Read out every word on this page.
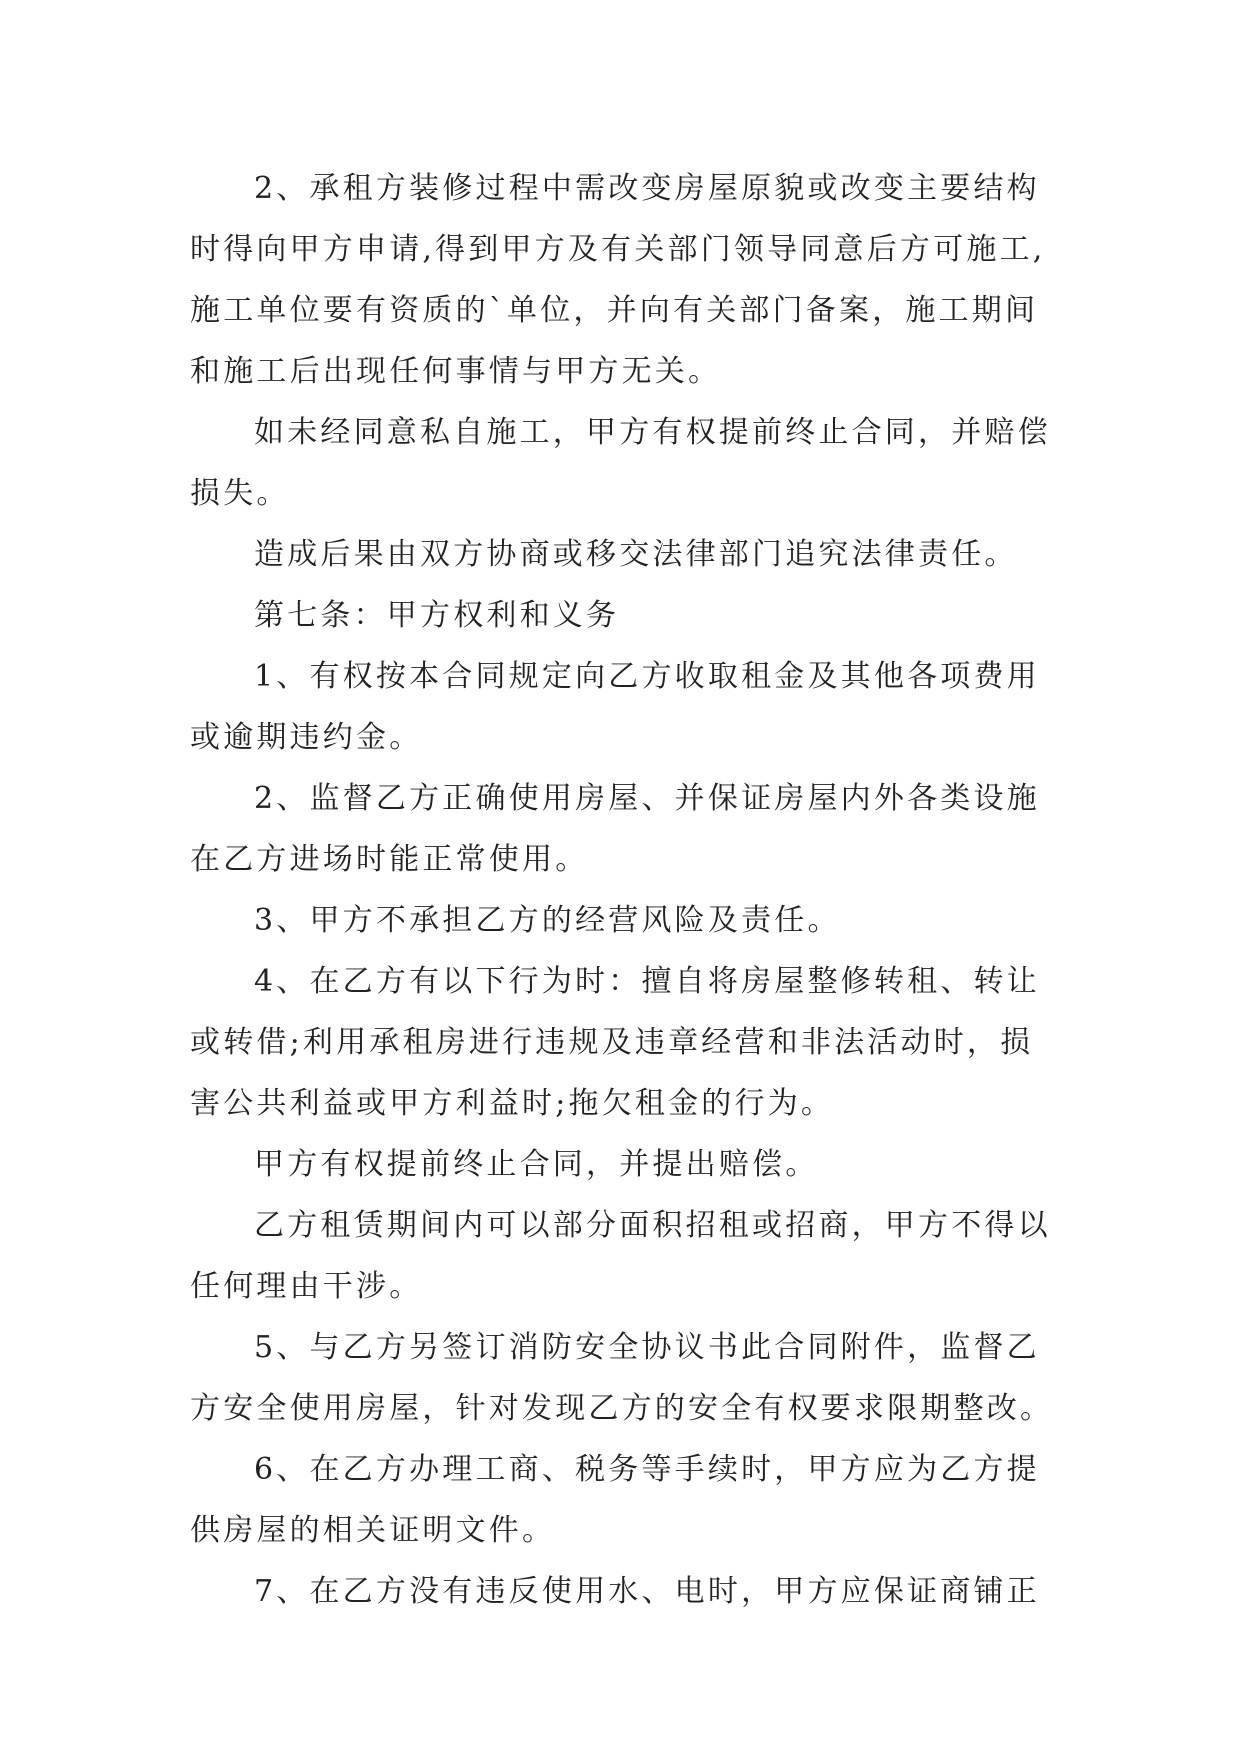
2、承租方装修过程中需改变房屋原貌或改变主要结构
时得向甲方申请,得到甲方及有关部门领导同意后方可施工,
施工单位要有资质的`单位，并向有关部门备案，施工期间
和施工后出现任何事情与甲方无关。

如未经同意私自施工，甲方有权提前终止合同，并赔偿
损失。

造成后果由双方协商或移交法律部门追究法律责任。

第七条：甲方权利和义务

1、有权按本合同规定向乙方收取租金及其他各项费用
或逾期违约金。

2、监督乙方正确使用房屋、并保证房屋内外各类设施
在乙方进场时能正常使用。

3、甲方不承担乙方的经营风险及责任。

4、在乙方有以下行为时：擅自将房屋整修转租、转让
或转借;利用承租房进行违规及违章经营和非法活动时，损
害公共利益或甲方利益时;拖欠租金的行为。

甲方有权提前终止合同，并提出赔偿。

乙方租赁期间内可以部分面积招租或招商，甲方不得以
任何理由干涉。

5、与乙方另签订消防安全协议书此合同附件，监督乙
方安全使用房屋，针对发现乙方的安全有权要求限期整改。

6、在乙方办理工商、税务等手续时，甲方应为乙方提
供房屋的相关证明文件。

7、在乙方没有违反使用水、电时，甲方应保证商铺正
